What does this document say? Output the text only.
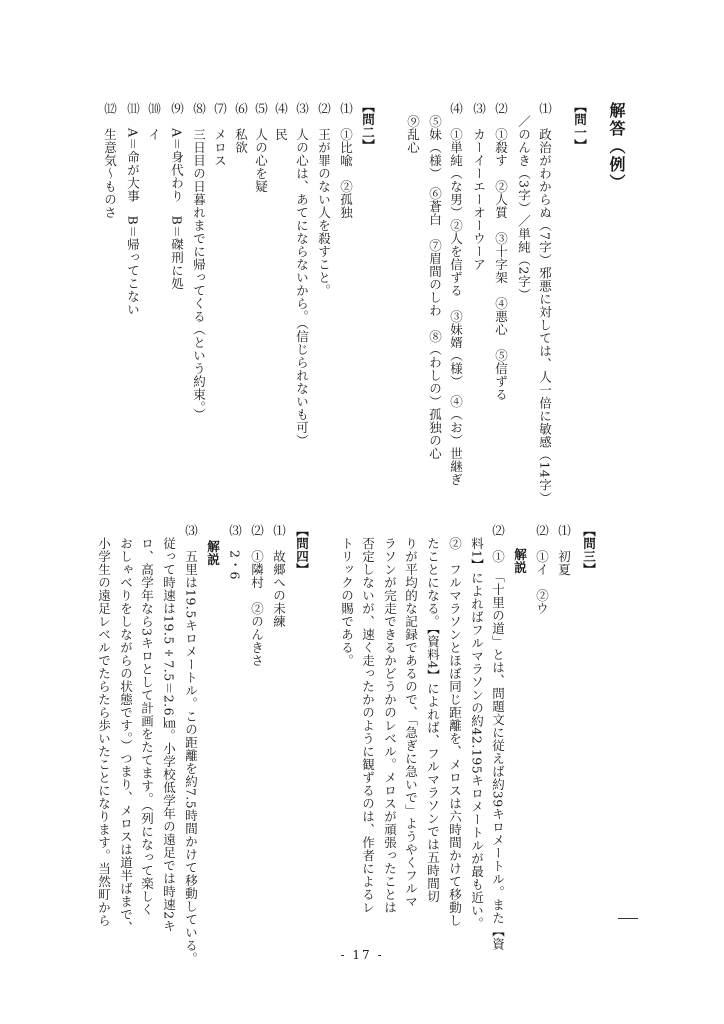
解答（例）
【問一】
⑴　政治がわからぬ（7字）邪悪に対しては、人一倍に敏感（14字）
　／のんき（3字）／単純（2字）
⑵　①殺す　②人質　③十字架　④悪心　⑤信ずる
⑶　カーイーエーオーウーア
⑷　①単純（な男）②人を信ずる　③妹婿（様）　④（お）世継ぎ
　⑤妹（様）　⑥蒼白　⑦眉間のしわ　⑧（わしの）孤独の心
　⑨乱心
【問二】
⑴　①比喩　②孤独
⑵　王が罪のない人を殺すこと。
⑶　人の心は、あてにならないから。（信じられないも可）
⑷　民
⑸　人の心を疑
⑹　私欲
⑺　メロス
⑻　三日目の日暮れまでに帰ってくる（という約束。）
⑼　A＝身代わり　B＝磔刑に処
⑽　イ
⑾　A＝命が大事　B＝帰ってこない
⑿　生意気〜ものさ
【問三】
⑴　初夏
⑵　①イ　②ウ
解説
⑵　①　「十里の道」とは、問題文に従えば約39キロメートル。また【資
　料1】によればフルマラソンの約42.195キロメートルが最も近い。
　②　フルマラソンとほぼ同じ距離を、メロスは六時間かけて移動し
　たことになる。【資料4】によれば、フルマラソンでは五時間切
　りが平均的な記録であるので、「急ぎに急いで」ようやくフルマ
　ラソンが完走できるかどうかのレベル。メロスが頑張ったことは
　否定しないが、速く走ったかのように観ずるのは、作者によるレ
　トリックの賜である。
【問四】
⑴　故郷への未練
⑵　①隣村　②のんきさ
⑶　2・6
解説
⑶　五里は19.5キロメートル。この距離を約7.5時間かけて移動している。
　従って時速は19.5÷7.5＝2.6㎞。小学校低学年の遠足では時速2キ
　ロ、高学年なら3キロとして計画をたてます。（列になって楽しく
　おしゃべりをしながらの状態です。）つまり、メロスは道半ばまで、
　小学生の遠足レベルでたらたら歩いたことになります。当然町から
- 17 -
